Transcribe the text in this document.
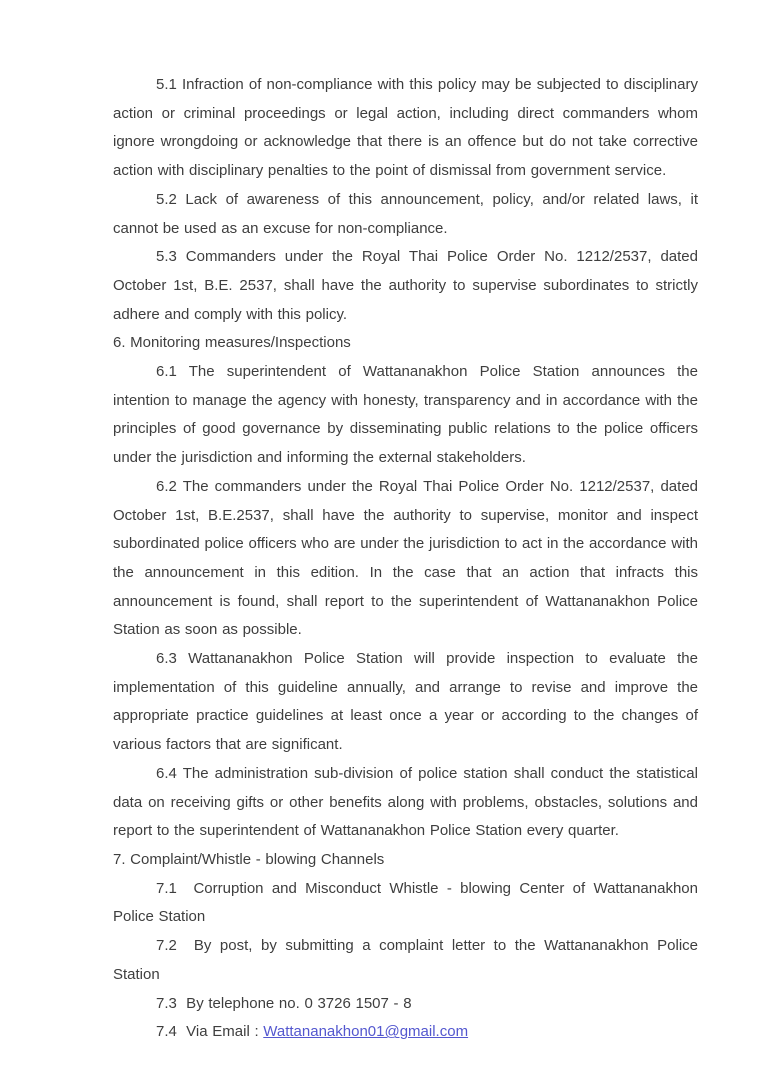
5.1 Infraction of non-compliance with this policy may be subjected to disciplinary action or criminal proceedings or legal action, including direct commanders whom ignore wrongdoing or acknowledge that there is an offence but do not take corrective action with disciplinary penalties to the point of dismissal from government service.

5.2 Lack of awareness of this announcement, policy, and/or related laws, it cannot be used as an excuse for non-compliance.

5.3 Commanders under the Royal Thai Police Order No. 1212/2537, dated October 1st, B.E. 2537, shall have the authority to supervise subordinates to strictly adhere and comply with this policy.

6. Monitoring measures/Inspections

6.1 The superintendent of Wattananakhon Police Station announces the intention to manage the agency with honesty, transparency and in accordance with the principles of good governance by disseminating public relations to the police officers under the jurisdiction and informing the external stakeholders.

6.2 The commanders under the Royal Thai Police Order No. 1212/2537, dated October 1st, B.E.2537, shall have the authority to supervise, monitor and inspect subordinated police officers who are under the jurisdiction to act in the accordance with the announcement in this edition. In the case that an action that infracts this announcement is found, shall report to the superintendent of Wattananakhon Police Station as soon as possible.

6.3 Wattananakhon Police Station will provide inspection to evaluate the implementation of this guideline annually, and arrange to revise and improve the appropriate practice guidelines at least once a year or according to the changes of various factors that are significant.

6.4 The administration sub-division of police station shall conduct the statistical data on receiving gifts or other benefits along with problems, obstacles, solutions and report to the superintendent of Wattananakhon Police Station every quarter.

7. Complaint/Whistle - blowing Channels

7.1  Corruption and Misconduct Whistle - blowing Center of Wattananakhon Police Station

7.2  By post, by submitting a complaint letter to the Wattananakhon Police Station

7.3  By telephone no. 0 3726 1507 - 8

7.4  Via Email : Wattananakhon01@gmail.com
